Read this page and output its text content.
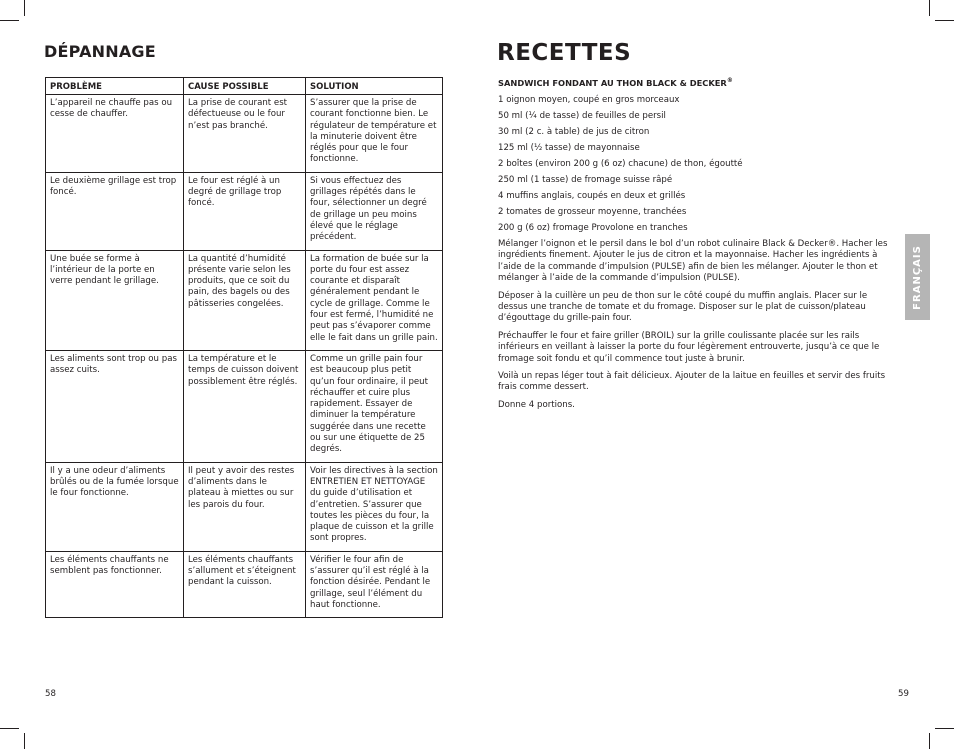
DÉPANNAGE
PROBLÈME	CAUSE POSSIBLE	SOLUTION
L’appareil ne chauffe pas ou cesse de chauffer.	La prise de courant est défectueuse ou le four n’est pas branché.	S’assurer que la prise de courant fonctionne bien. Le régulateur de température et la minuterie doivent être réglés pour que le four fonctionne.
Le deuxième grillage est trop foncé.	Le four est réglé à un degré de grillage trop foncé.	Si vous effectuez des grillages répétés dans le four, sélectionner un degré de grillage un peu moins élevé que le réglage précédent.
Une buée se forme à l’intérieur de la porte en verre pendant le grillage.	La quantité d’humidité présente varie selon les produits, que ce soit du pain, des bagels ou des pâtisseries congelées.	La formation de buée sur la porte du four est assez courante et disparaît généralement pendant le cycle de grillage. Comme le four est fermé, l’humidité ne peut pas s’évaporer comme elle le fait dans un grille pain.
Les aliments sont trop ou pas assez cuits.	La température et le temps de cuisson doivent possiblement être réglés.	Comme un grille pain four est beaucoup plus petit qu’un four ordinaire, il peut réchauffer et cuire plus rapidement. Essayer de diminuer la température suggérée dans une recette ou sur une étiquette de 25 degrés.
Il y a une odeur d’aliments brûlés ou de la fumée lorsque le four fonctionne.	Il peut y avoir des restes d’aliments dans le plateau à miettes ou sur les parois du four.	Voir les directives à la section ENTRETIEN ET NETTOYAGE du guide d’utilisation et d’entretien. S’assurer que toutes les pièces du four, la plaque de cuisson et la grille sont propres.
Les éléments chauffants ne semblent pas fonctionner.	Les éléments chauffants s’allument et s’éteignent pendant la cuisson.	Vérifier le four afin de s’assurer qu’il est réglé à la fonction désirée. Pendant le grillage, seul l’élément du haut fonctionne.
58
RECETTES

SANDWICH FONDANT AU THON BLACK & DECKER®

1 oignon moyen, coupé en gros morceaux

50 ml (¼ de tasse) de feuilles de persil

30 ml (2 c. à table) de jus de citron

125 ml (½ tasse) de mayonnaise

2 boîtes (environ 200 g (6 oz) chacune) de thon, égoutté

250 ml (1 tasse) de fromage suisse râpé

4 muffins anglais, coupés en deux et grillés

2 tomates de grosseur moyenne, tranchées

200 g (6 oz) fromage Provolone en tranches

Mélanger l’oignon et le persil dans le bol d’un robot culinaire Black & Decker®. Hacher les ingrédients finement. Ajouter le jus de citron et la mayonnaise. Hacher les ingrédients à l’aide de la commande d’impulsion (PULSE) afin de bien les mélanger. Ajouter le thon et mélanger à l’aide de la commande d’impulsion (PULSE).

Déposer à la cuillère un peu de thon sur le côté coupé du muffin anglais. Placer sur le dessus une tranche de tomate et du fromage. Disposer sur le plat de cuisson/plateau d’égouttage du grille-pain four.

Préchauffer le four et faire griller (BROIL) sur la grille coulissante placée sur les rails inférieurs en veillant à laisser la porte du four légèrement entrouverte, jusqu’à ce que le fromage soit fondu et qu’il commence tout juste à brunir.

Voilà un repas léger tout à fait délicieux. Ajouter de la laitue en feuilles et servir des fruits frais comme dessert.

Donne 4 portions.

FRANÇAIS
59
